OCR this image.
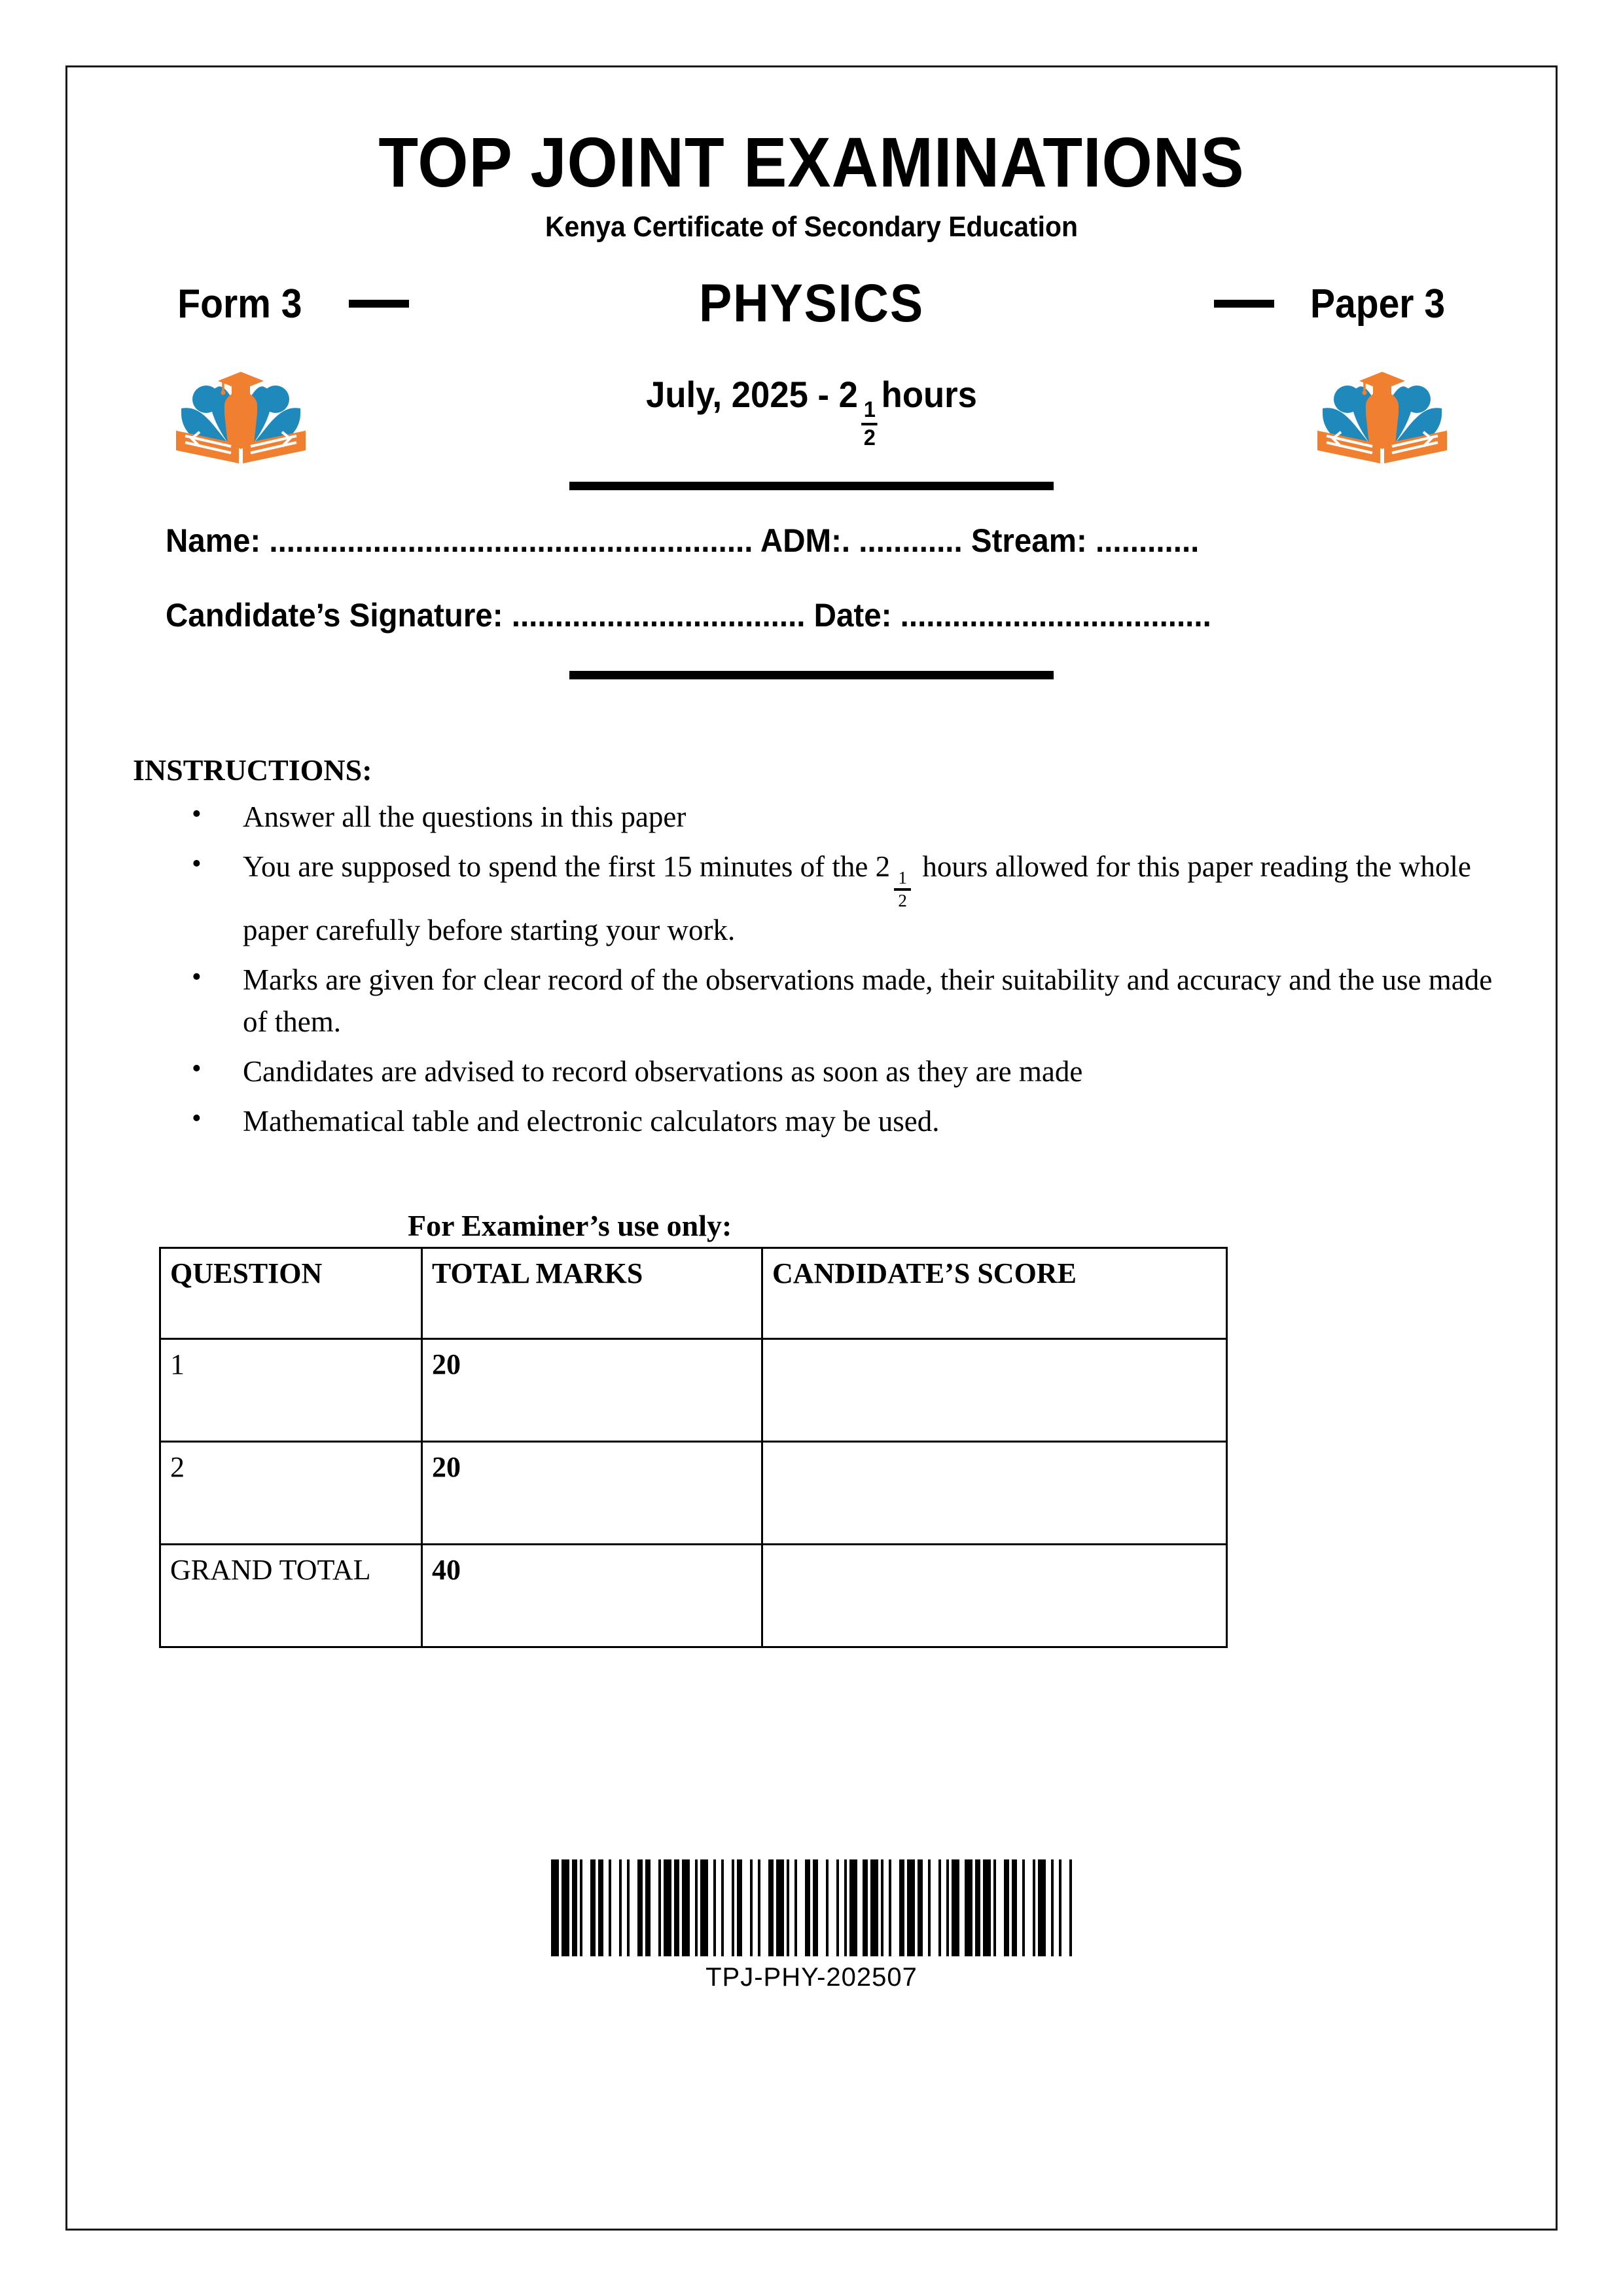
TOP JOINT EXAMINATIONS
Kenya Certificate of Secondary Education
Form 3	PHYSICS	Paper 3
July, 2025 - 2
$\frac{1}{2}$
hours
Name: ........................................................ ADM:. ............ Stream: ............
Candidate’s Signature: .................................. Date: ....................................
INSTRUCTIONS:
• Answer all the questions in this paper
• You are supposed to spend the first 15 minutes of the 2
$\frac{1}{2}$
hours allowed for this paper reading the whole paper carefully before starting your work.
• Marks are given for clear record of the observations made, their suitability and accuracy and the use made of them.
• Candidates are advised to record observations as soon as they are made
• Mathematical table and electronic calculators may be used.
For Examiner’s use only:
QUESTION	TOTAL MARKS	CANDIDATE’S SCORE
1	20	
2	20	
GRAND TOTAL	40	
TPJ-PHY-202507
